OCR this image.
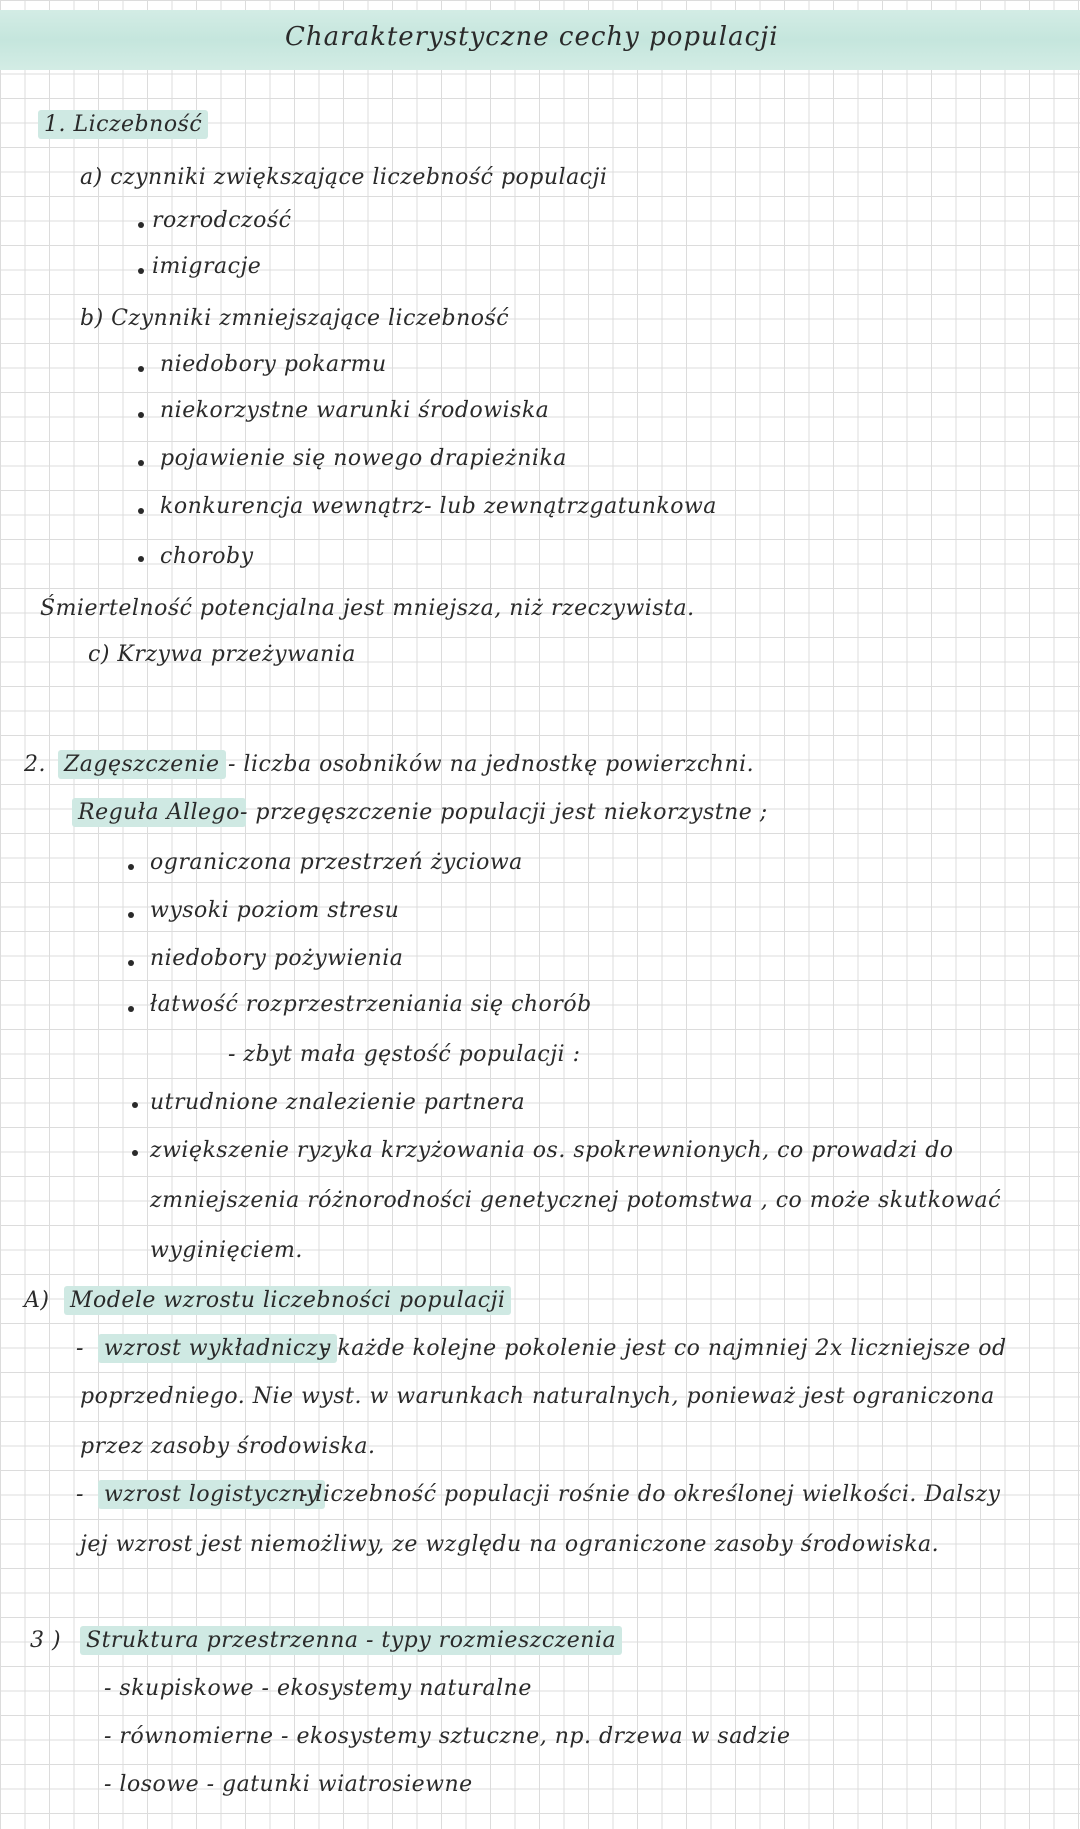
Charakterystyczne cechy populacji
1. Liczebność
a) czynniki zwiększające liczebność populacji
rozrodczość
imigracje
b) Czynniki zmniejszające liczebność
niedobory pokarmu
niekorzystne warunki środowiska
pojawienie się nowego drapieżnika
konkurencja wewnątrz- lub zewnątrzgatunkowa
choroby
Śmiertelność potencjalna jest mniejsza, niż rzeczywista.
c) Krzywa przeżywania
2. Zagęszczenie - liczba osobników na jednostkę powierzchni.
Reguła Allego - przegęszczenie populacji jest niekorzystne ;
ograniczona przestrzeń życiowa
wysoki poziom stresu
niedobory pożywienia
łatwość rozprzestrzeniania się chorób
- zbyt mała gęstość populacji :
utrudnione znalezienie partnera
zwiększenie ryzyka krzyżowania os. spokrewnionych, co prowadzi do
zmniejszenia różnorodności genetycznej potomstwa , co może skutkować
wyginięciem.
A) Modele wzrostu liczebności populacji
- wzrost wykładniczy
- każde kolejne pokolenie jest co najmniej 2x liczniejsze od
poprzedniego. Nie wyst. w warunkach naturalnych, ponieważ jest ograniczona
przez zasoby środowiska.
- wzrost logistyczny
- liczebność populacji rośnie do określonej wielkości. Dalszy
jej wzrost jest niemożliwy, ze względu na ograniczone zasoby środowiska.
3 ) Struktura przestrzenna - typy rozmieszczenia
- skupiskowe - ekosystemy naturalne
- równomierne - ekosystemy sztuczne, np. drzewa w sadzie
- losowe - gatunki wiatrosiewne
